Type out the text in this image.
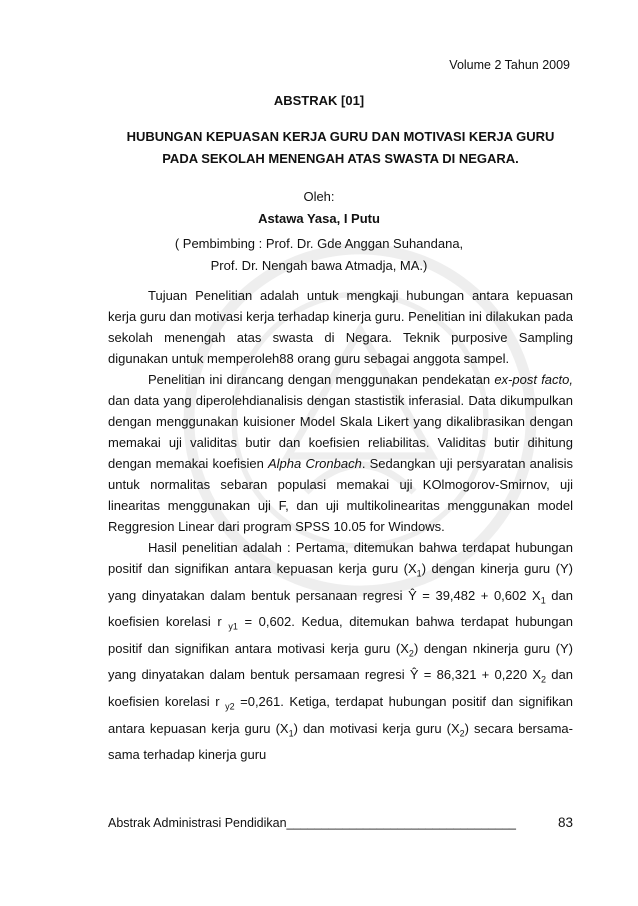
Volume 2 Tahun 2009
ABSTRAK [01]
HUBUNGAN KEPUASAN KERJA GURU DAN MOTIVASI KERJA GURU
PADA SEKOLAH MENENGAH ATAS SWASTA DI NEGARA.
Oleh:
Astawa Yasa, I Putu
( Pembimbing : Prof. Dr. Gde Anggan Suhandana,
Prof. Dr. Nengah bawa Atmadja, MA.)

Tujuan Penelitian adalah untuk mengkaji hubungan antara kepuasan kerja guru dan motivasi kerja terhadap kinerja guru. Penelitian ini dilakukan pada sekolah menengah atas swasta di Negara. Teknik purposive Sampling digunakan untuk memperoleh88 orang guru sebagai anggota sampel.

Penelitian ini dirancang dengan menggunakan pendekatan ex-post facto, dan data yang diperolehdianalisis dengan stastistik inferasial. Data dikumpulkan dengan menggunakan kuisioner Model Skala Likert yang dikalibrasikan dengan memakai uji validitas butir dan koefisien reliabilitas. Validitas butir dihitung dengan memakai koefisien Alpha Cronbach. Sedangkan uji persyaratan analisis untuk normalitas sebaran populasi memakai uji KOlmogorov-Smirnov, uji linearitas menggunakan uji F, dan uji multikolinearitas menggunakan model Reggresion Linear dari program SPSS 10.05 for Windows.

Hasil penelitian adalah : Pertama, ditemukan bahwa terdapat hubungan positif dan signifikan antara kepuasan kerja guru $(X_1)$ dengan kinerja guru (Y) yang dinyatakan dalam bentuk persanaan regresi Ŷ = 39,482 + 0,602 $X_1$ dan koefisien korelasi r $_{y1}$ = 0,602. Kedua, ditemukan bahwa terdapat hubungan positif dan signifikan antara motivasi kerja guru $(X_2)$ dengan nkinerja guru (Y) yang dinyatakan dalam bentuk persamaan regresi Ŷ = 86,321 + 0,220 $X_2$ dan koefisien korelasi r $_{y2}$ =0,261. Ketiga, terdapat hubungan positif dan signifikan antara kepuasan kerja guru $(X_1)$ dan motivasi kerja guru $(X_2)$ secara bersama-sama terhadap kinerja guru

Abstrak Administrasi Pendidikan_________________________________	83
